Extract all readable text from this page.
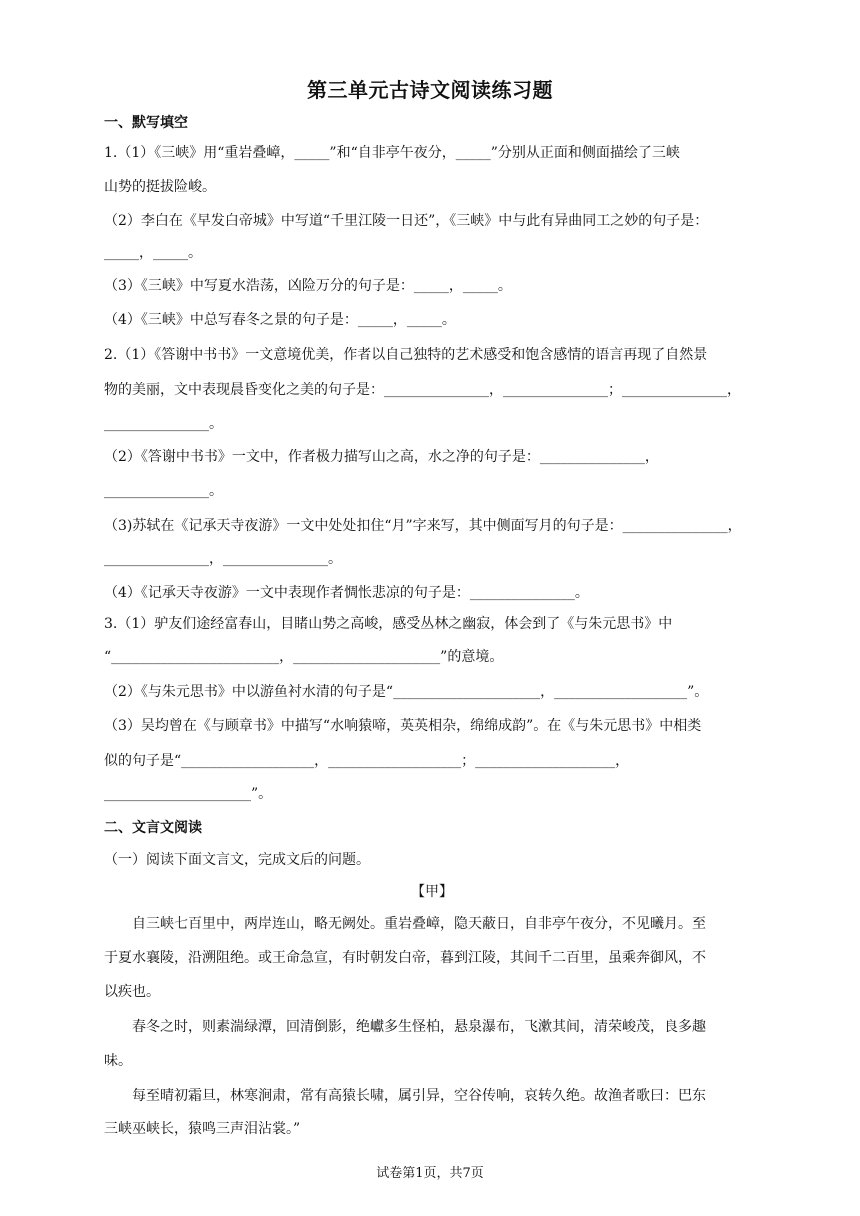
第三单元古诗文阅读练习题
一、默写填空
1.（1）《三峡》用“重岩叠嶂，_____”和“自非亭午夜分，_____”分别从正面和侧面描绘了三峡
山势的挺拔险峻。
（2）李白在《早发白帝城》中写道“千里江陵一日还”，《三峡》中与此有异曲同工之妙的句子是：
_____，_____。
（3）《三峡》中写夏水浩荡，凶险万分的句子是：_____，_____。
（4）《三峡》中总写春冬之景的句子是：_____，_____。
2.（1）《答谢中书书》一文意境优美，作者以自己独特的艺术感受和饱含感情的语言再现了自然景
物的美丽，文中表现晨昏变化之美的句子是：_______________，_______________；_______________，
_______________。
（2）《答谢中书书》一文中，作者极力描写山之高，水之净的句子是：_______________，
_______________。
（3)苏轼在《记承天寺夜游》一文中处处扣住“月”字来写，其中侧面写月的句子是：_______________，
_______________，_______________。
（4）《记承天寺夜游》一文中表现作者惆怅悲凉的句子是：_______________。
3.（1）驴友们途经富春山，目睹山势之高峻，感受丛林之幽寂，体会到了《与朱元思书》中
“________________________，_____________________”的意境。
（2）《与朱元思书》中以游鱼衬水清的句子是“_____________________，___________________”。
（3）吴均曾在《与顾章书》中描写“水响猿啼，英英相杂，绵绵成韵”。在《与朱元思书》中相类
似的句子是“___________________，___________________；____________________，
_____________________”。
二、文言文阅读
（一）阅读下面文言文，完成文后的问题。
【甲】
自三峡七百里中，两岸连山，略无阙处。重岩叠嶂，隐天蔽日，自非亭午夜分，不见曦月。至
于夏水襄陵，沿溯阻绝。或王命急宣，有时朝发白帝，暮到江陵，其间千二百里，虽乘奔御风，不
以疾也。
春冬之时，则素湍绿潭，回清倒影，绝巘多生怪柏，悬泉瀑布，飞漱其间，清荣峻茂，良多趣
味。
每至晴初霜旦，林寒涧肃，常有高猿长啸，属引异，空谷传响，哀转久绝。故渔者歌曰：巴东
三峡巫峡长，猿鸣三声泪沾裳。”
试卷第1页，共7页
